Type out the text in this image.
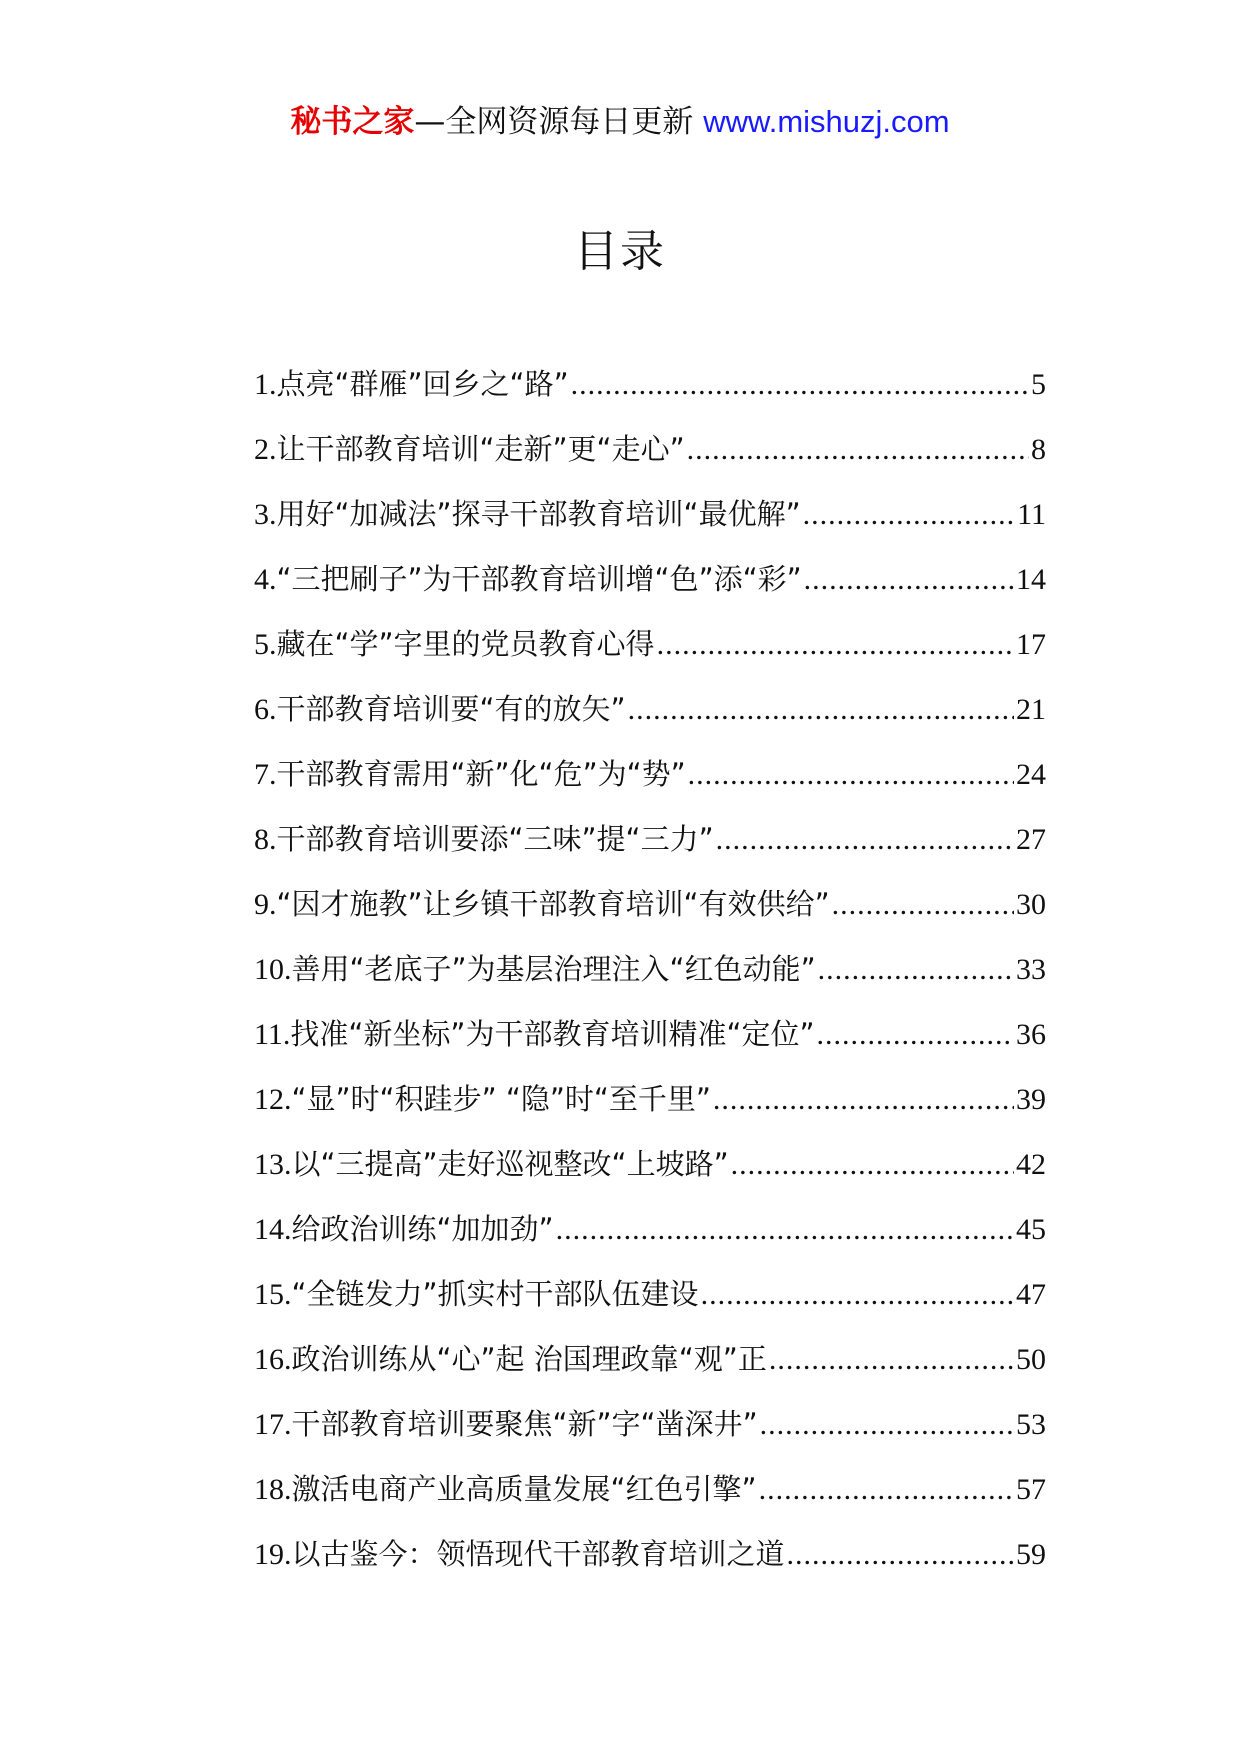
秘书之家—全网资源每日更新 www.mishuzj.com
目录
1. 点亮“群雁”回乡之“路” .....	5
2. 让干部教育培训“走新”更“走心” .....	8
3. 用好“加减法”探寻干部教育培训“最优解” .....	11
4. “三把刷子”为干部教育培训增“色”添“彩” .....	14
5. 藏在“学”字里的党员教育心得 .....	17
6. 干部教育培训要“有的放矢” .....	21
7. 干部教育需用“新”化“危”为“势” .....	24
8. 干部教育培训要添“三味”提“三力” .....	27
9. “因才施教”让乡镇干部教育培训“有效供给” .....	30
10. 善用“老底子”为基层治理注入“红色动能” .....	33
11. 找准“新坐标”为干部教育培训精准“定位” .....	36
12. “显”时“积跬步” “隐”时“至千里” .....	39
13. 以“三提高”走好巡视整改“上坡路” .....	42
14. 给政治训练“加加劲” .....	45
15. “全链发力”抓实村干部队伍建设 .....	47
16. 政治训练从“心”起 治国理政靠“观”正 .....	50
17. 干部教育培训要聚焦“新”字“凿深井” .....	53
18. 激活电商产业高质量发展“红色引擎” .....	57
19. 以古鉴今：领悟现代干部教育培训之道 .....	59
